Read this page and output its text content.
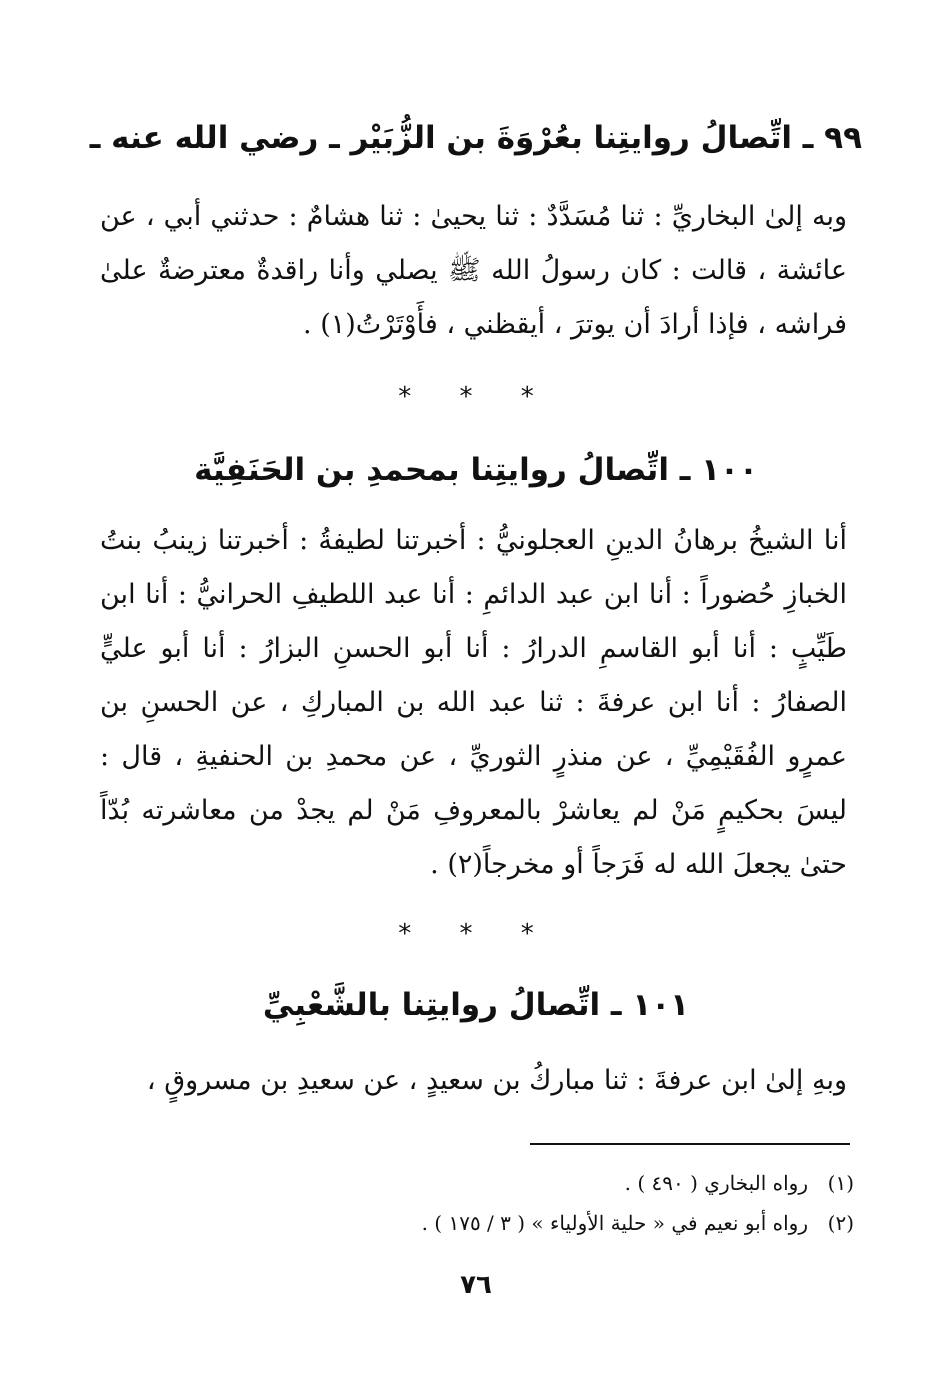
٩٩ ـ اتِّصالُ روايتِنا بعُرْوَةَ بن الزُّبَيْر ـ رضي الله عنه ـ
وبه إلىٰ البخاريِّ : ثنا مُسَدَّدٌ : ثنا يحيىٰ : ثنا هشامٌ : حدثني أبي ، عن عائشة ، قالت : كان رسولُ الله ﷺ يصلي وأنا راقدةٌ معترضةٌ علىٰ فراشه ، فإذا أرادَ أن يوترَ ، أيقظني ، فأَوْتَرْتُ(١) .
* * *
١٠٠ ـ اتِّصالُ روايتِنا بمحمدِ بن الحَنَفِيَّة
أنا الشيخُ برهانُ الدينِ العجلونيُّ : أخبرتنا لطيفةُ : أخبرتنا زينبُ بنتُ الخبازِ حُضوراً : أنا ابن عبد الدائمِ : أنا عبد اللطيفِ الحرانيُّ : أنا ابن طَيِّبٍ : أنا أبو القاسمِ الدرارُ : أنا أبو الحسنِ البزارُ : أنا أبو عليٍّ الصفارُ : أنا ابن عرفةَ : ثنا عبد الله بن المباركِ ، عن الحسنِ بن عمرٍو الفُقَيْمِيِّ ، عن منذرٍ الثوريِّ ، عن محمدِ بن الحنفيةِ ، قال : ليسَ بحكيمٍ مَنْ لم يعاشرْ بالمعروفِ مَنْ لم يجدْ من معاشرته بُدّاً حتىٰ يجعلَ الله له فَرَجاً أو مخرجاً(٢) .
* * *
١٠١ ـ اتِّصالُ روايتِنا بالشَّعْبِيِّ
وبهِ إلىٰ ابن عرفةَ : ثنا مباركُ بن سعيدٍ ، عن سعيدِ بن مسروقٍ ،
(١)رواه البخاري ( ٤٩٠ ) .
(٢)رواه أبو نعيم في « حلية الأولياء » ( ٣ / ١٧٥ ) .
٧٦
